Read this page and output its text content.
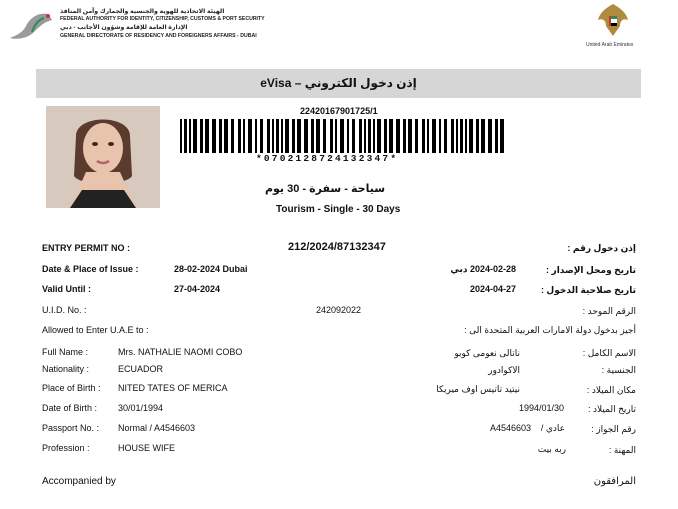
الهيئة الاتحادية للهوية والجنسية والجمارك وأمن المنافذ
FEDERAL AUTHORITY FOR IDENTITY, CITIZENSHIP, CUSTOMS & PORT SECURITY
الإدارة العامة للإقامة وشؤون الأجانب - دبي
GENERAL DIRECTORATE OF RESIDENCY AND FOREIGNERS AFFAIRS - DUBAI
United Arab Emirates
إذن دخول الكتروني – eVisa
22420167901725/1
*0702128724132347*
سياحة - سفرة - 30 يوم
Tourism - Single - 30 Days
ENTRY PERMIT NO :	212/2024/87132347	إذن دخول رقم :
Date & Place of Issue :	28-02-2024 Dubai	2024-02-28 دبي	تاريخ ومحل الإصدار :
Valid Until :	27-04-2024	2024-04-27	تاريخ صلاحية الدخول :
U.I.D. No. :	242092022	الرقم الموحد :
Allowed to Enter U.A.E to :	أجيز بدخول دولة الامارات العربية المتحدة الى :
Full Name :	Mrs. NATHALIE NAOMI COBO	ناتالى نعومى كوبو	الاسم الكامل :
Nationality :	ECUADOR	الاكوادور	الجنسية :
Place of Birth : NITED TATES OF MERICA	نيتيد تاتيس اوف ميريكا	مكان الميلاد :
Date of Birth : 30/01/1994	1994/01/30	تاريخ الميلاد :
Passport No. : Normal / A4546603	A4546603	عادي /	رقم الجواز :
Profession :	HOUSE WIFE	ربه بيت	المهنة :
Accompanied by	المرافقون
